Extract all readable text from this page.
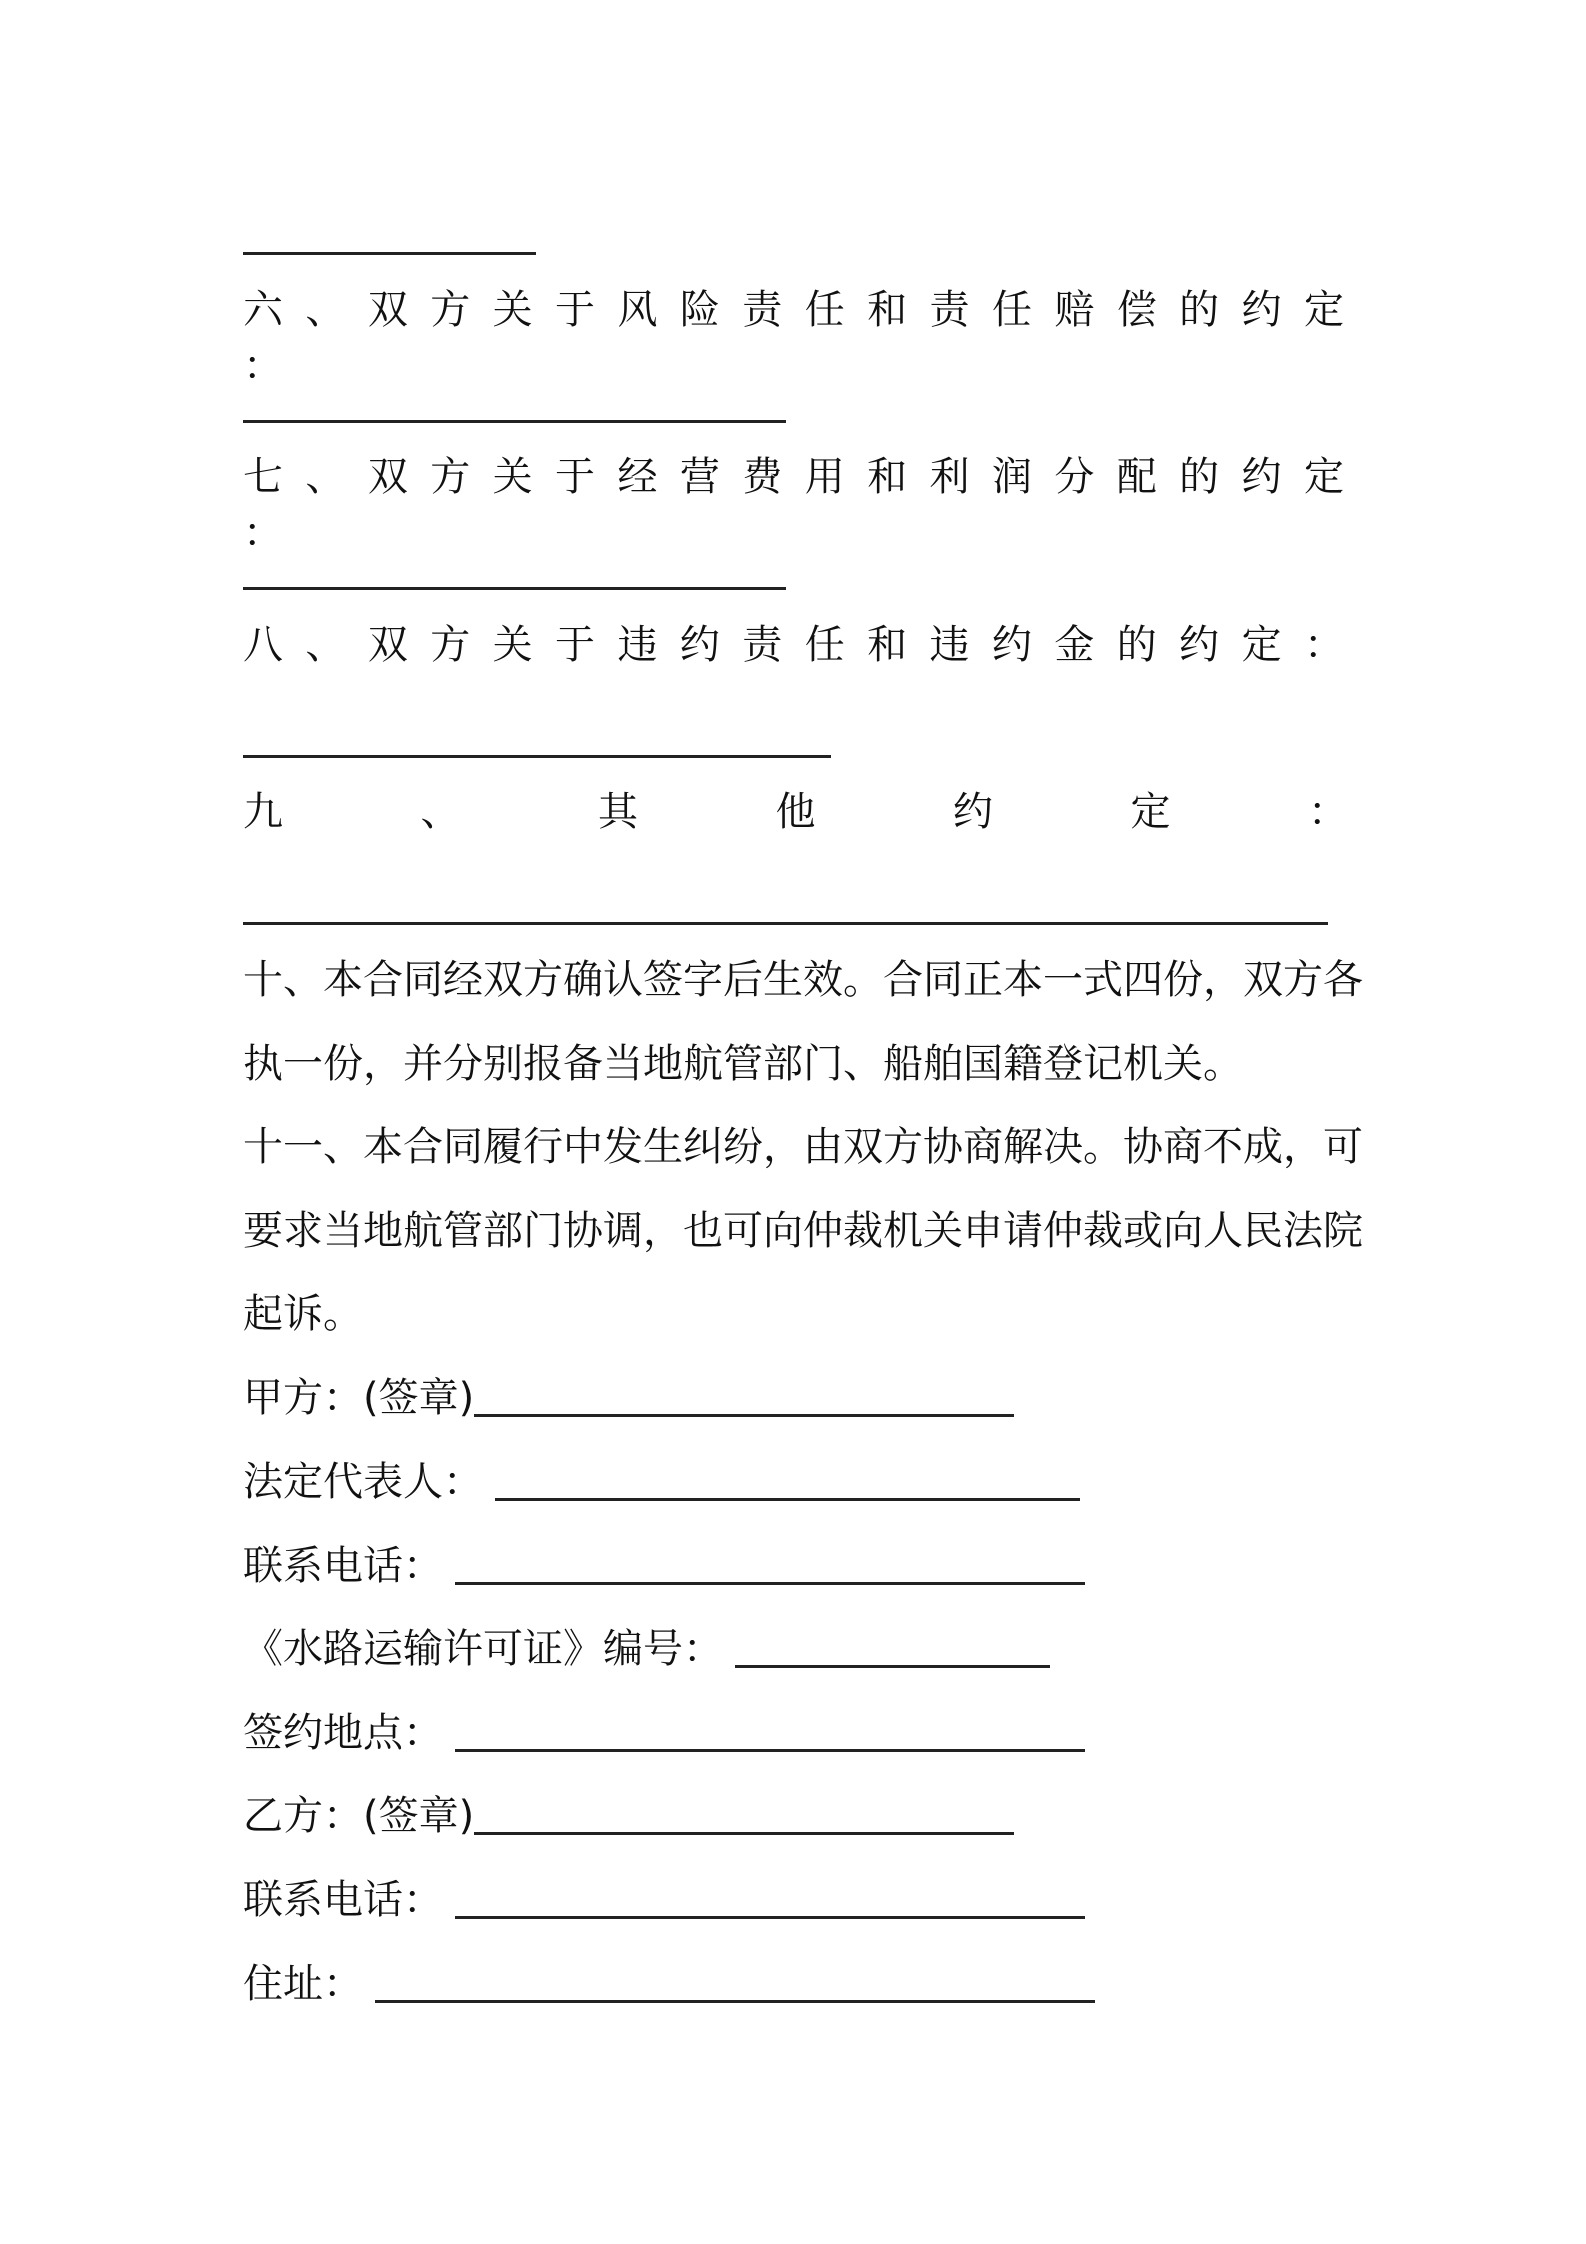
六 、 双 方 关 于 风 险 责 任 和 责 任 赔 偿 的 约 定 ：
七 、 双 方 关 于 经 营 费 用 和 利 润 分 配 的 约 定 ：
八 、 双 方 关 于 违 约 责 任 和 违 约 金 的 约 定 ：
九 、 其 他 约 定 ：
十、本合同经双方确认签字后生效。合同正本一式四份，双方各
执一份，并分别报备当地航管部门、船舶国籍登记机关。
十一、本合同履行中发生纠纷，由双方协商解决。协商不成，可
要求当地航管部门协调，也可向仲裁机关申请仲裁或向人民法院
起诉。
甲方：(签章)
法定代表人：
联系电话：
《水路运输许可证》编号：
签约地点：
乙方：(签章)
联系电话：
住址：
